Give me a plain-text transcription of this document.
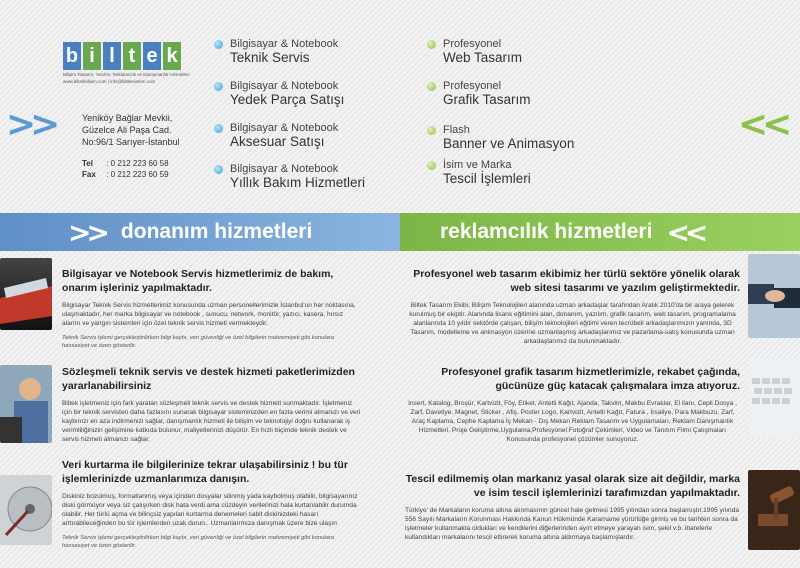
b i l t e k
Bilişim Tasarım, Yazılım, Reklamcılık ve Danışmanlık Hizmetleri
www.biltekbilisim.com | info@bilteksistem.com
>>	<<
Yeniköy Bağlar Mevkii,
Güzelce Ali Paşa Cad.
No:96/1 Sarıyer-İstanbul
Tel : 0 212 223 60 58
Fax : 0 212 223 60 59
Bilgisayar & Notebook
Teknik Servis
Bilgisayar & Notebook
Yedek Parça Satışı
Bilgisayar & Notebook
Aksesuar Satışı
Bilgisayar & Notebook
Yıllık Bakım Hizmetleri
Profesyonel
Web Tasarım
Profesyonel
Grafik Tasarım
Flash
Banner ve Animasyon
İsim ve Marka
Tescil İşlemleri
>> donanım hizmetleri	reklamcılık hizmetleri <<
Bilgisayar ve Notebook Servis hizmetlerimiz de bakım, onarım işleriniz yapılmaktadır.
Bilgisayar Teknik Servis hizmetlerimiz konusunda uzman personellerimizle İstanbul'un her noktasına, ulaşmaktadır, her marka bilgisayar ve notebook , sunucu, network, monitör, yazıcı, kasera, hırsız alarmı ve yangın sistemleri için özel teknik servis hizmeti vermekteydir.
Teknik Servis işlemi gerçekleştirilirken bilgi kaybı, veri güvenliği ve özel bilgilerin mahremiyeti gibi konulara hassasiyet ve özen gösterilir.
Sözleşmeli teknik servis ve destek hizmeti paketlerimizden yararlanabilirsiniz
Biltek işletmeniz için fark yaratan sözleşmeli teknik servis ve destek hizmeti sunmaktadır. İşletmeniz için bir teknik servisten daha fazlasını sunarak bilgisayar sisteminizden en fazla verimi almanızı ve veri kaybınızı en aza indirmenizi sağlar, danışmanlık hizmeti ile bilişim ve teknolojiyi doğru kullanarak iş verimliliğinizin gelişimine katkıda bulunur, maliyetlerinizi düşürür. En hızlı biçimde teknik destek ve servis hizmeti almanızı sağlar.
Veri kurtarma ile bilgilerinize tekrar ulaşabilirsiniz ! bu tür işlemlerinizde uzmanlarımıza danışın.
Diskiniz bozulmuş, formatlanmış veya içinden dosyalar silinmiş yada kaybolmuş olabilir, bilgisayarınız diski görmüyor veya siz çalışırken disk hata verdi ama cüzdeyin verilerinizi hala kurtarılabilir durumda olabilir. Her türlü açma ve bilinçsiz yapılan kurtarma denemeleri sabit diskinizdeki hasarı arttırabileceğinden bu tür işlemlerden uzak durun.. Uzmanlarımıza danışmak üzere bize ulaşın
Teknik Servis işlemi gerçekleştirilirken bilgi kaybı, veri güvenliği ve özel bilgilerin mahremiyeti gibi konulara hassasiyet ve özen gösterilir.
Profesyonel web tasarım ekibimiz her türlü sektöre yönelik olarak web sitesi tasarımı ve yazılım geliştirmektedir.
Biltek Tasarım Ekibi, Bilişim Teknolojileri alanında uzman arkadaşlar tarafından Aralık 2010'da bir araya gelerek kurulmuş bir ekiptir. Alanında lisans eğitimini alan, donanım, yazılım, grafik tasarım, web tasarım, programalama alanlarında 10 yıldır sektörde çalışan, bilişim teknolojileri eğitimi veren tecrübeli arkadaşlarımızın yanında, 3D Tasarım, modelleme ve animasyon üzerine uzmanlaşmış arkadaşlarımız ve pazarlama-satış konusunda uzman arkadaşlarımız da bulunmaktadır.
Profesyonel grafik tasarım hizmetlerimizle, rekabet çağında, gücünüze güç katacak çalışmalara imza atıyoruz.
Insert, Katalog, Broşür, Kartvizit, Föy, Etiket, Antetli Kağıt, Ajanda, Takvim, Makbu Evraklar, El ilanı, Cepli Dosya , Zarf, Davetiye, Magnet, Sticker , Afiş, Poster Logo, Kartvizit, Antetli Kağıt, Fatura , İrsaliye, Para Makbuzu, Zarf, Araç Kaplama, Cephe Kaplama İç Mekan - Dış Mekan Reklam Tasarım ve Uygulamaları, Reklam Danışmanlık Hizmetleri, Proje Geliştirme,Uygulama,Profesyonel Fotoğraf Çekimleri, Video ve Tanıtım Filmi Çalışmaları Konusunda profesyonel çözümler sunuyoruz.
Tescil edilmemiş olan markanız yasal olarak size ait değildir, marka ve isim tescil işlemlerinizi tarafımızdan yapılmaktadır.
Türkiye' de Markaların koruma altına alınmasının güncel hale gelmesi 1995 yılından sonra başlamıştır.1995 yılında 556 Sayılı Markaların Korunması Hakkında Kanun Hükmünde Kararname yürürlüğe girmiş ve bu tarihten sonra da işletmeler kullanmakta oldukları ve kendilerini diğerlerinden ayırt etmeye yarayan isim, şekil v.b. ibarelerle kullandıkları markalarını tescil ettirerek koruma altına aldırmaya başlamışlardır.
